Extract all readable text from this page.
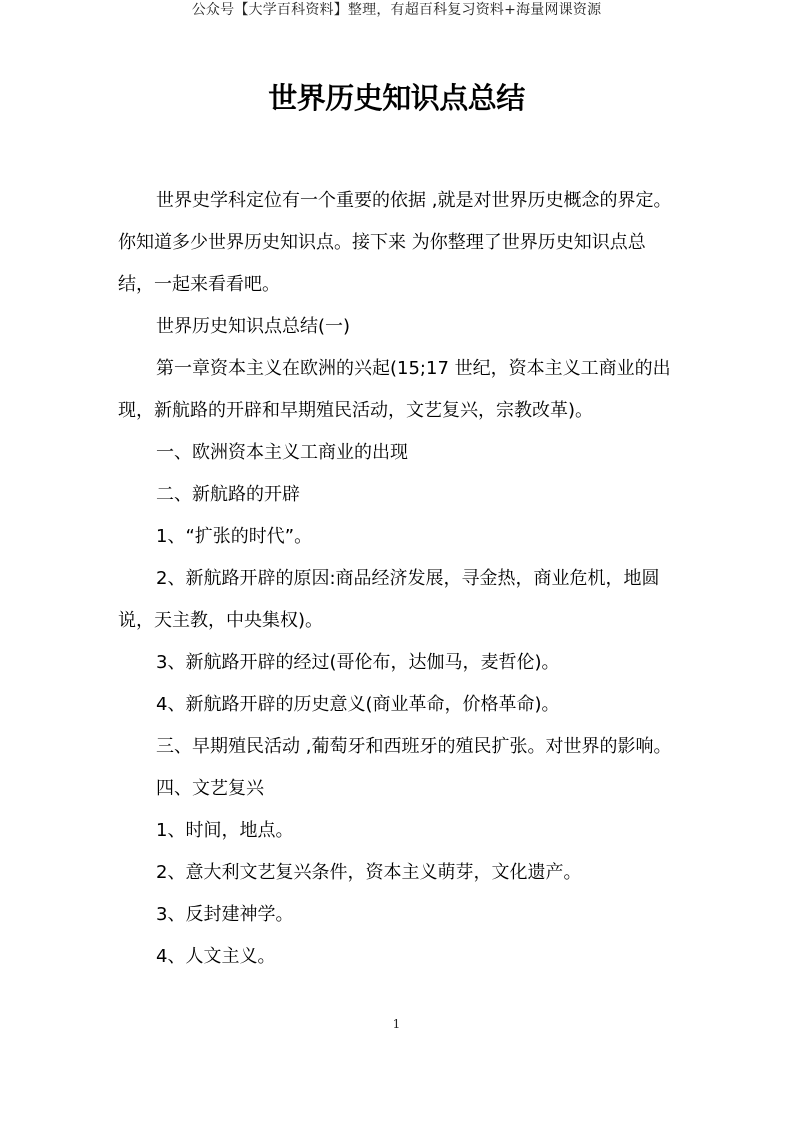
公众号【大学百科资料】整理，有超百科复习资料+海量网课资源
世界历史知识点总结

世界史学科定位有一个重要的依据 ,就是对世界历史概念的界定。你知道多少世界历史知识点。接下来 为你整理了世界历史知识点总结，一起来看看吧。

世界历史知识点总结(一)

第一章资本主义在欧洲的兴起(15;17 世纪，资本主义工商业的出现，新航路的开辟和早期殖民活动，文艺复兴，宗教改革)。

一、欧洲资本主义工商业的出现

二、新航路的开辟

1、“扩张的时代”。

2、新航路开辟的原因:商品经济发展，寻金热，商业危机，地圆说，天主教，中央集权)。

3、新航路开辟的经过(哥伦布，达伽马，麦哲伦)。

4、新航路开辟的历史意义(商业革命，价格革命)。

三、早期殖民活动 ,葡萄牙和西班牙的殖民扩张。对世界的影响。

四、文艺复兴

1、时间，地点。

2、意大利文艺复兴条件，资本主义萌芽，文化遗产。

3、反封建神学。

4、人文主义。

1
